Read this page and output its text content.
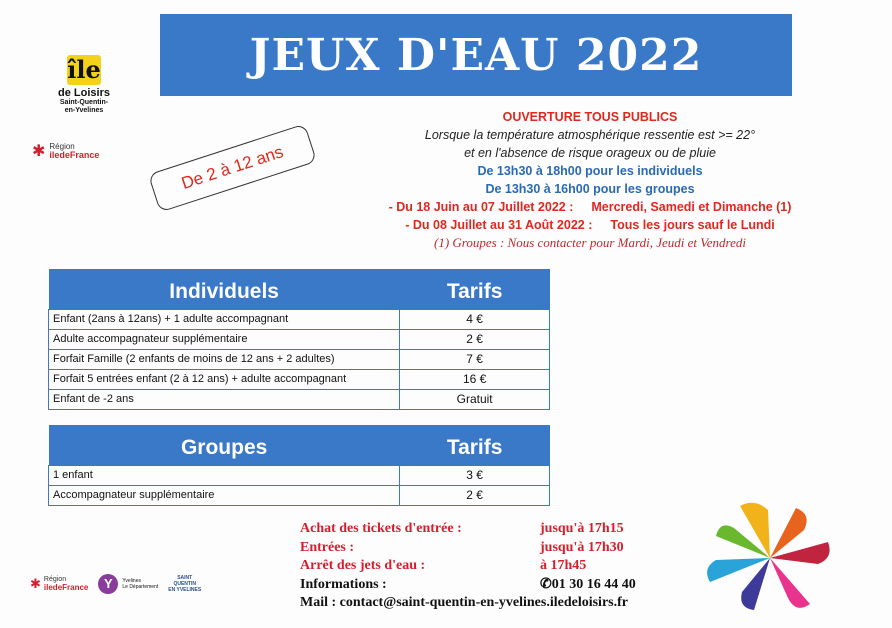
JEUX D'EAU 2022
île
de Loisirs
Saint-Quentin-
en-Yvelines
✱ Région
iledeFrance	De 2 à 12 ans
OUVERTURE TOUS PUBLICS
Lorsque la température atmosphérique ressentie est >= 22°
et en l'absence de risque orageux ou de pluie
De 13h30 à 18h00 pour les individuels
De 13h30 à 16h00 pour les groupes
- Du 18 Juin au 07 Juillet 2022 : Mercredi, Samedi et Dimanche (1)
- Du 08 Juillet au 31 Août 2022 : Tous les jours sauf le Lundi
(1) Groupes : Nous contacter pour Mardi, Jeudi et Vendredi
Individuels	Tarifs
Enfant (2ans à 12ans) + 1 adulte accompagnant	4 €
Adulte accompagnateur supplémentaire	2 €
Forfait Famille (2 enfants de moins de 12 ans + 2 adultes)	7 €
Forfait 5 entrées enfant (2 à 12 ans) + adulte accompagnant	16 €
Enfant de -2 ans	Gratuit
Groupes	Tarifs
1 enfant	3 €
Accompagnateur supplémentaire	2 €
Achat des tickets d'entrée :	jusqu'à 17h15
Entrées :	jusqu'à 17h30
Arrêt des jets d'eau :	à 17h45
Informations :	✆ 01 30 16 44 40
Mail : contact@saint-quentin-en-yvelines.iledeloisirs.fr
✱ Région
iledeFrance	Y	Yvelines
Le Département
SAINT
QUENTIN
EN YVELINES
